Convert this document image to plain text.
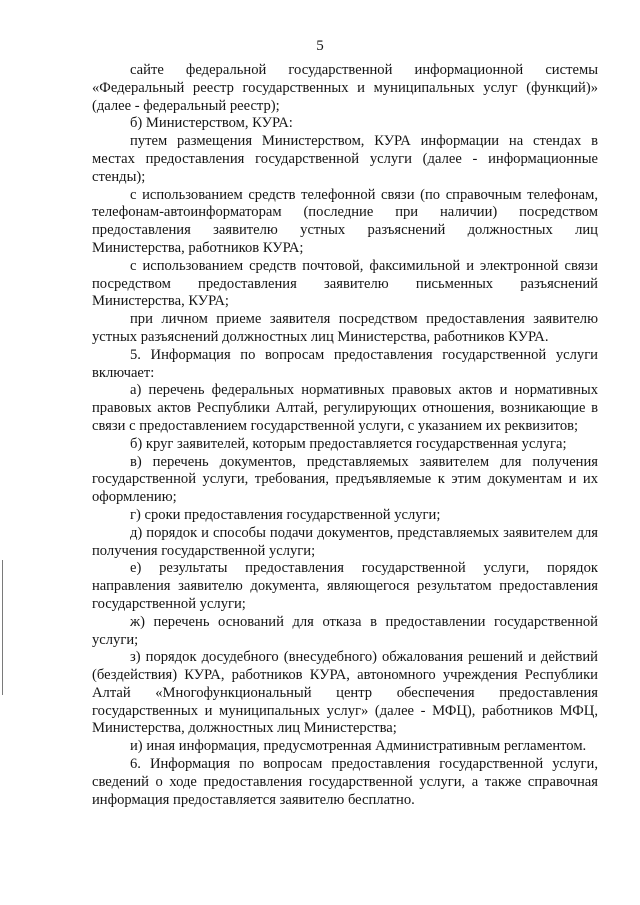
5

сайте федеральной государственной информационной системы «Федеральный реестр государственных и муниципальных услуг (функций)» (далее - федеральный реестр);

б) Министерством, КУРА:

путем размещения Министерством, КУРА информации на стендах в местах предоставления государственной услуги (далее - информационные стенды);

с использованием средств телефонной связи (по справочным телефонам, телефонам-автоинформаторам (последние при наличии) посредством предоставления заявителю устных разъяснений должностных лиц Министерства, работников КУРА;

с использованием средств почтовой, факсимильной и электронной связи посредством предоставления заявителю письменных разъяснений Министерства, КУРА;

при личном приеме заявителя посредством предоставления заявителю устных разъяснений должностных лиц Министерства, работников КУРА.

5. Информация по вопросам предоставления государственной услуги включает:

а) перечень федеральных нормативных правовых актов и нормативных правовых актов Республики Алтай, регулирующих отношения, возникающие в связи с предоставлением государственной услуги, с указанием их реквизитов;

б) круг заявителей, которым предоставляется государственная услуга;

в) перечень документов, представляемых заявителем для получения государственной услуги, требования, предъявляемые к этим документам и их оформлению;

г) сроки предоставления государственной услуги;

д) порядок и способы подачи документов, представляемых заявителем для получения государственной услуги;

е) результаты предоставления государственной услуги, порядок направления заявителю документа, являющегося результатом предоставления государственной услуги;

ж) перечень оснований для отказа в предоставлении государственной услуги;

з) порядок досудебного (внесудебного) обжалования решений и действий (бездействия) КУРА, работников КУРА, автономного учреждения Республики Алтай «Многофункциональный центр обеспечения предоставления государственных и муниципальных услуг» (далее - МФЦ), работников МФЦ, Министерства, должностных лиц Министерства;

и) иная информация, предусмотренная Административным регламентом.

6. Информация по вопросам предоставления государственной услуги, сведений о ходе предоставления государственной услуги, а также справочная информация предоставляется заявителю бесплатно.
